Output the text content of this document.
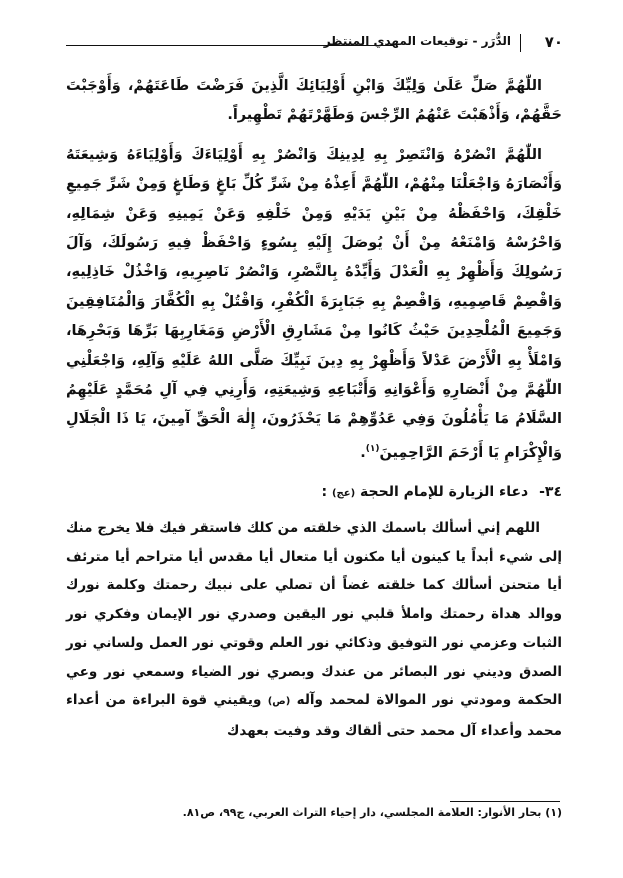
٧٠
الدُّرَر - توقيعات المهدي المنتظر

اللّٰهُمَّ صَلِّ عَلَىٰ وَلِيِّكَ وَابْنِ أَوْلِيَائِكَ الَّذِينَ فَرَضْتَ طَاعَتَهُمْ، وَأَوْجَبْتَ حَقَّهُمْ، وَأَذْهَبْتَ عَنْهُمُ الرِّجْسَ وَطَهَّرْتَهُمْ تَطْهِيراً.

اللّٰهُمَّ انْصُرْهُ وَانْتَصِرْ بِهِ لِدِينِكَ وَانْصُرْ بِهِ أَوْلِيَاءَكَ وَأَوْلِيَاءَهُ وَشِيعَتَهُ وَأَنْصَارَهُ وَاجْعَلْنَا مِنْهُمْ، اللّٰهُمَّ أَعِذْهُ مِنْ شَرِّ كُلِّ بَاغٍ وَطَاغٍ وَمِنْ شَرِّ جَمِيعِ خَلْقِكَ، وَاحْفَظْهُ مِنْ بَيْنِ يَدَيْهِ وَمِنْ خَلْفِهِ وَعَنْ يَمِينِهِ وَعَنْ شِمَالِهِ، وَاحْرُسْهُ وَامْنَعْهُ مِنْ أَنْ يُوصَلَ إِلَيْهِ بِسُوءٍ وَاحْفَظْ فِيهِ رَسُولَكَ، وَآلَ رَسُولِكَ وَأَظْهِرْ بِهِ الْعَدْلَ وَأَيِّدْهُ بِالنَّصْرِ، وَانْصُرْ نَاصِرِيهِ، وَاخْذُلْ خَاذِلِيهِ، وَاقْصِمْ قَاصِمِيهِ، وَاقْصِمْ بِهِ جَبَابِرَةَ الْكُفْرِ، وَاقْتُلْ بِهِ الْكُفَّارَ وَالْمُنَافِقِينَ وَجَمِيعَ الْمُلْحِدِينَ حَيْثُ كَانُوا مِنْ مَشَارِقِ الْأَرْضِ وَمَغَارِبِهَا بَرِّهَا وَبَحْرِهَا، وَامْلَأْ بِهِ الْأَرْضَ عَدْلاً وَأَظْهِرْ بِهِ دِينَ نَبِيِّكَ صَلَّى اللهُ عَلَيْهِ وَآلِهِ، وَاجْعَلْنِي اللّٰهُمَّ مِنْ أَنْصَارِهِ وَأَعْوَانِهِ وَأَتْبَاعِهِ وَشِيعَتِهِ، وَأَرِنِي فِي آلِ مُحَمَّدٍ عَلَيْهِمُ السَّلَامُ مَا يَأْمُلُونَ وَفِي عَدُوِّهِمْ مَا يَحْذَرُونَ، إِلٰهَ الْحَقِّ آمِينَ، يَا ذَا الْجَلَالِ وَالْإِكْرَامِ يَا أَرْحَمَ الرَّاحِمِينَ$^{(١)}$.

٣٤- دعاء الزيارة للإمام الحجة (عج) :

اللهم إني أسألك باسمك الذي خلقته من كلك فاستقر فيك فلا يخرج منك إلى شيء أبداً يا كينون أيا مكنون أيا متعال أيا مقدس أيا متراحم أيا مترئف أيا متحنن أسألك كما خلقته غضاً أن تصلي على نبيك رحمتك وكلمة نورك ووالد هداة رحمتك واملأ قلبي نور اليقين وصدري نور الإيمان وفكري نور الثبات وعزمي نور التوفيق وذكائي نور العلم وقوتي نور العمل ولساني نور الصدق وديني نور البصائر من عندك وبصري نور الضياء وسمعي نور وعي الحكمة ومودتي نور الموالاة لمحمد وآله (ص) ويقيني قوة البراءة من أعداء محمد وأعداء آل محمد حتى ألقاك وقد وفيت بعهدك

(١) بحار الأنوار: العلامة المجلسي، دار إحياء التراث العربي، ج٩٩، ص٨١.
